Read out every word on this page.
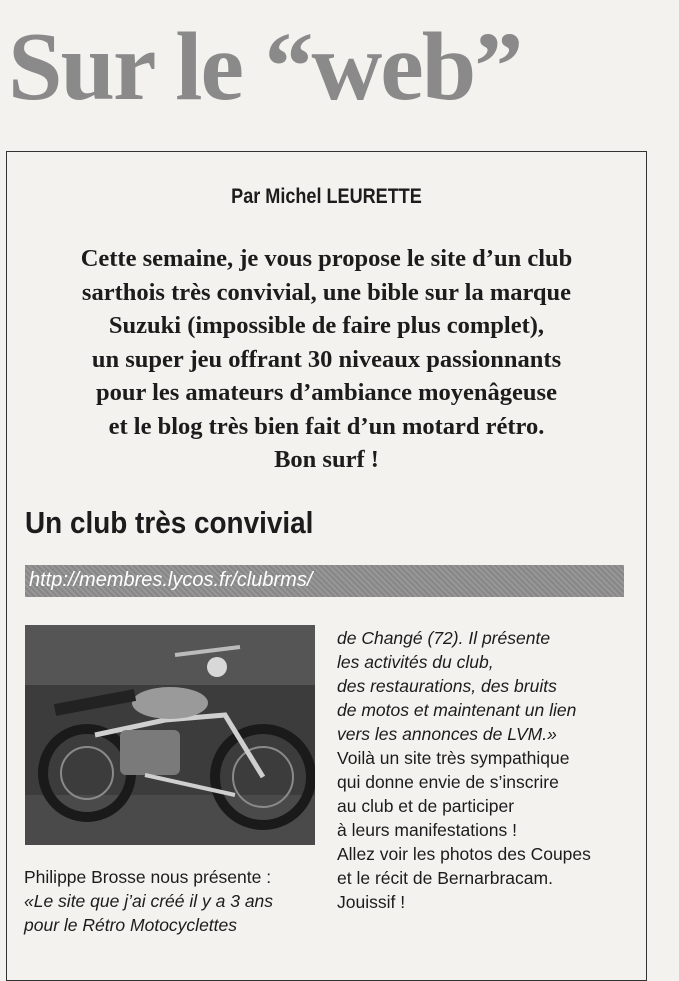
Sur le “web”
Par Michel LEURETTE
Cette semaine, je vous propose le site d’un club
sarthois très convivial, une bible sur la marque
Suzuki (impossible de faire plus complet),
un super jeu offrant 30 niveaux passionnants
pour les amateurs d’ambiance moyenâgeuse
et le blog très bien fait d’un motard rétro.
Bon surf !
Un club très convivial
http://membres.lycos.fr/clubrms/
Philippe Brosse nous présente :
«Le site que j’ai créé il y a 3 ans
pour le Rétro Motocyclettes
de Changé (72). Il présente
les activités du club,
des restaurations, des bruits
de motos et maintenant un lien
vers les annonces de LVM.»
Voilà un site très sympathique
qui donne envie de s’inscrire
au club et de participer
à leurs manifestations !
Allez voir les photos des Coupes
et le récit de Bernarbracam.
Jouissif !
